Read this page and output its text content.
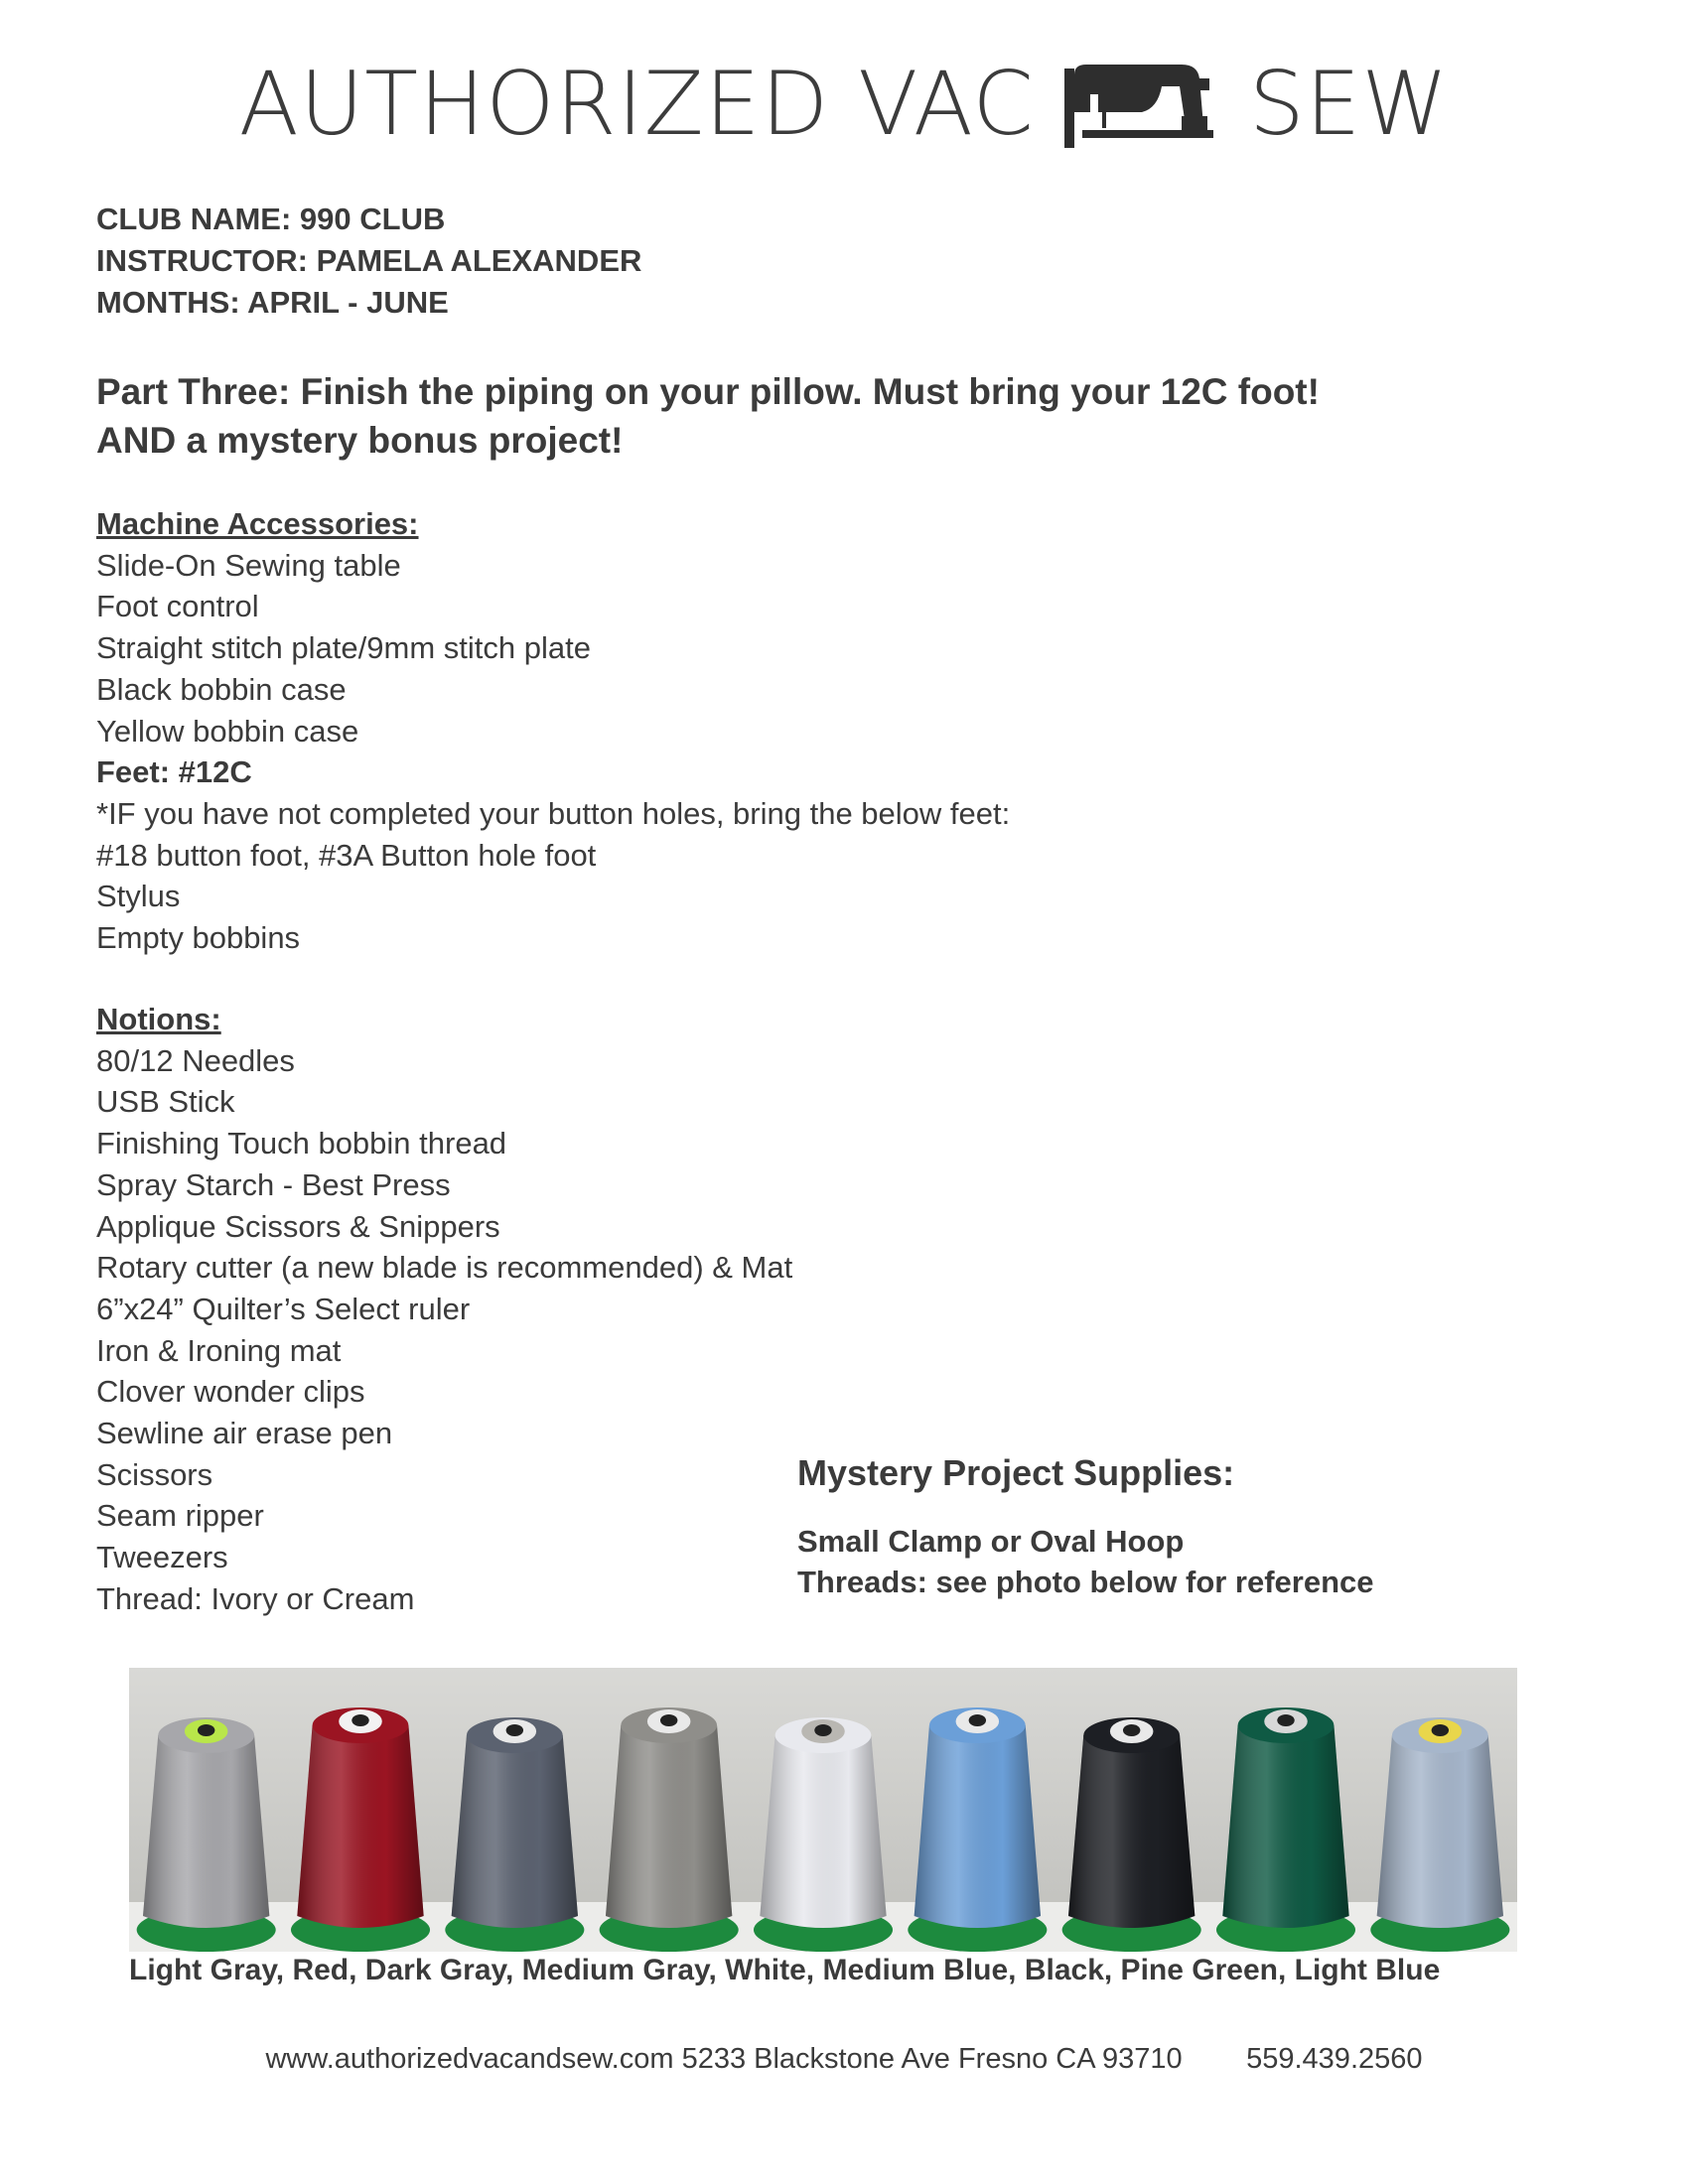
AUTHORIZED VAC SEW
CLUB NAME: 990 CLUB
INSTRUCTOR: PAMELA ALEXANDER
MONTHS: APRIL - JUNE
Part Three: Finish the piping on your pillow. Must bring your 12C foot!
AND a mystery bonus project!
Machine Accessories:
Slide-On Sewing table
Foot control
Straight stitch plate/9mm stitch plate
Black bobbin case
Yellow bobbin case
Feet: #12C
*IF you have not completed your button holes, bring the below feet:
#18 button foot, #3A Button hole foot
Stylus
Empty bobbins
Notions:
80/12 Needles
USB Stick
Finishing Touch bobbin thread
Spray Starch - Best Press
Applique Scissors & Snippers
Rotary cutter (a new blade is recommended) & Mat
6”x24” Quilter’s Select ruler
Iron & Ironing mat
Clover wonder clips
Sewline air erase pen
Scissors
Seam ripper
Tweezers
Thread: Ivory or Cream
Mystery Project Supplies:
Small Clamp or Oval Hoop
Threads: see photo below for reference
Light Gray, Red, Dark Gray, Medium Gray, White, Medium Blue, Black, Pine Green, Light Blue
www.authorizedvacandsew.com 5233 Blackstone Ave Fresno CA 93710        559.439.2560
